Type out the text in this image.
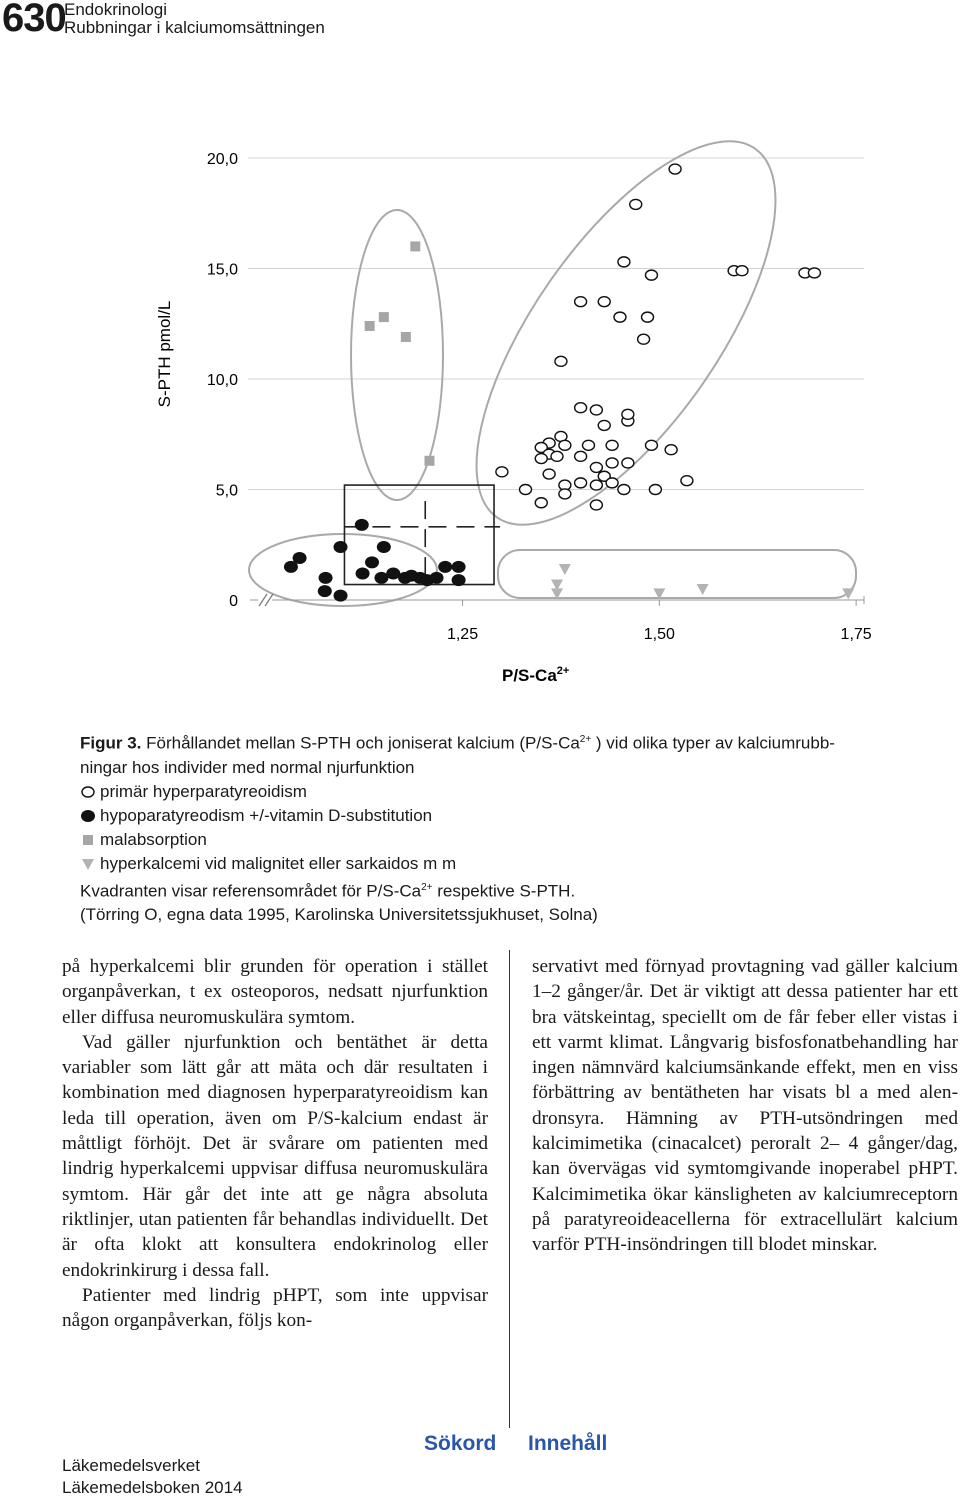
630
Endokrinologi
Rubbningar i kalciumomsättningen
0
5,0
10,0
15,0
20,0
1,25	1,50	1,75
S-PTH pmol/L
$P/S-Ca^{2+}$
Figur 3. Förhållandet mellan S-PTH och joniserat kalcium ($P/S-Ca^{2+}$ ) vid olika typer av kalciumrubb-
ningar hos individer med normal njurfunktion
primär hyperparatyreoidism
hypoparatyreodism +/-vitamin D-substitution
malabsorption
hyperkalcemi vid malignitet eller sarkaidos m m
Kvadranten visar referensområdet för $P/S-Ca^{2+}$ respektive S-PTH.
(Törring O, egna data 1995, Karolinska Universitetssjukhuset, Solna)

på hyperkalcemi blir grunden för operation i stället organpåverkan, t ex osteoporos, nedsatt njurfunktion eller diffusa neuromuskulära symtom.

Vad gäller njurfunktion och bentäthet är detta variabler som lätt går att mäta och där resultaten i kombination med diagnosen hyperparatyreoidism kan leda till operation, även om P/S-kalcium endast är måttligt förhöjt. Det är svårare om patienten med lindrig hyperkalcemi uppvisar diffusa neuromuskulära symtom. Här går det inte att ge några absoluta riktlinjer, utan patienten får behandlas individuellt. Det är ofta klokt att konsultera endokrinolog eller endokrinkirurg i dessa fall.

Patienter med lindrig pHPT, som inte uppvisar någon organpåverkan, följs kon-

servativt med förnyad provtagning vad gäller kalcium 1–2 gånger/år. Det är viktigt att dessa patienter har ett bra vätskeintag, speciellt om de får feber eller vistas i ett varmt klimat. Långvarig bisfosfonatbehandling har ingen nämnvärd kalciumsänkande effekt, men en viss förbättring av bentätheten har visats bl a med alendronsyra. Hämning av PTH-utsöndringen med kalcimimetika (cinacalcet) peroralt 2– 4 gånger/dag, kan övervägas vid symtomgivande inoperabel pHPT. Kalcimimetika ökar känsligheten av kalciumreceptorn på paratyreoideacellerna för extracellulärt kalcium varför PTH-insöndringen till blodet minskar.

Sökord Innehåll
Läkemedelsverket
Läkemedelsboken 2014
